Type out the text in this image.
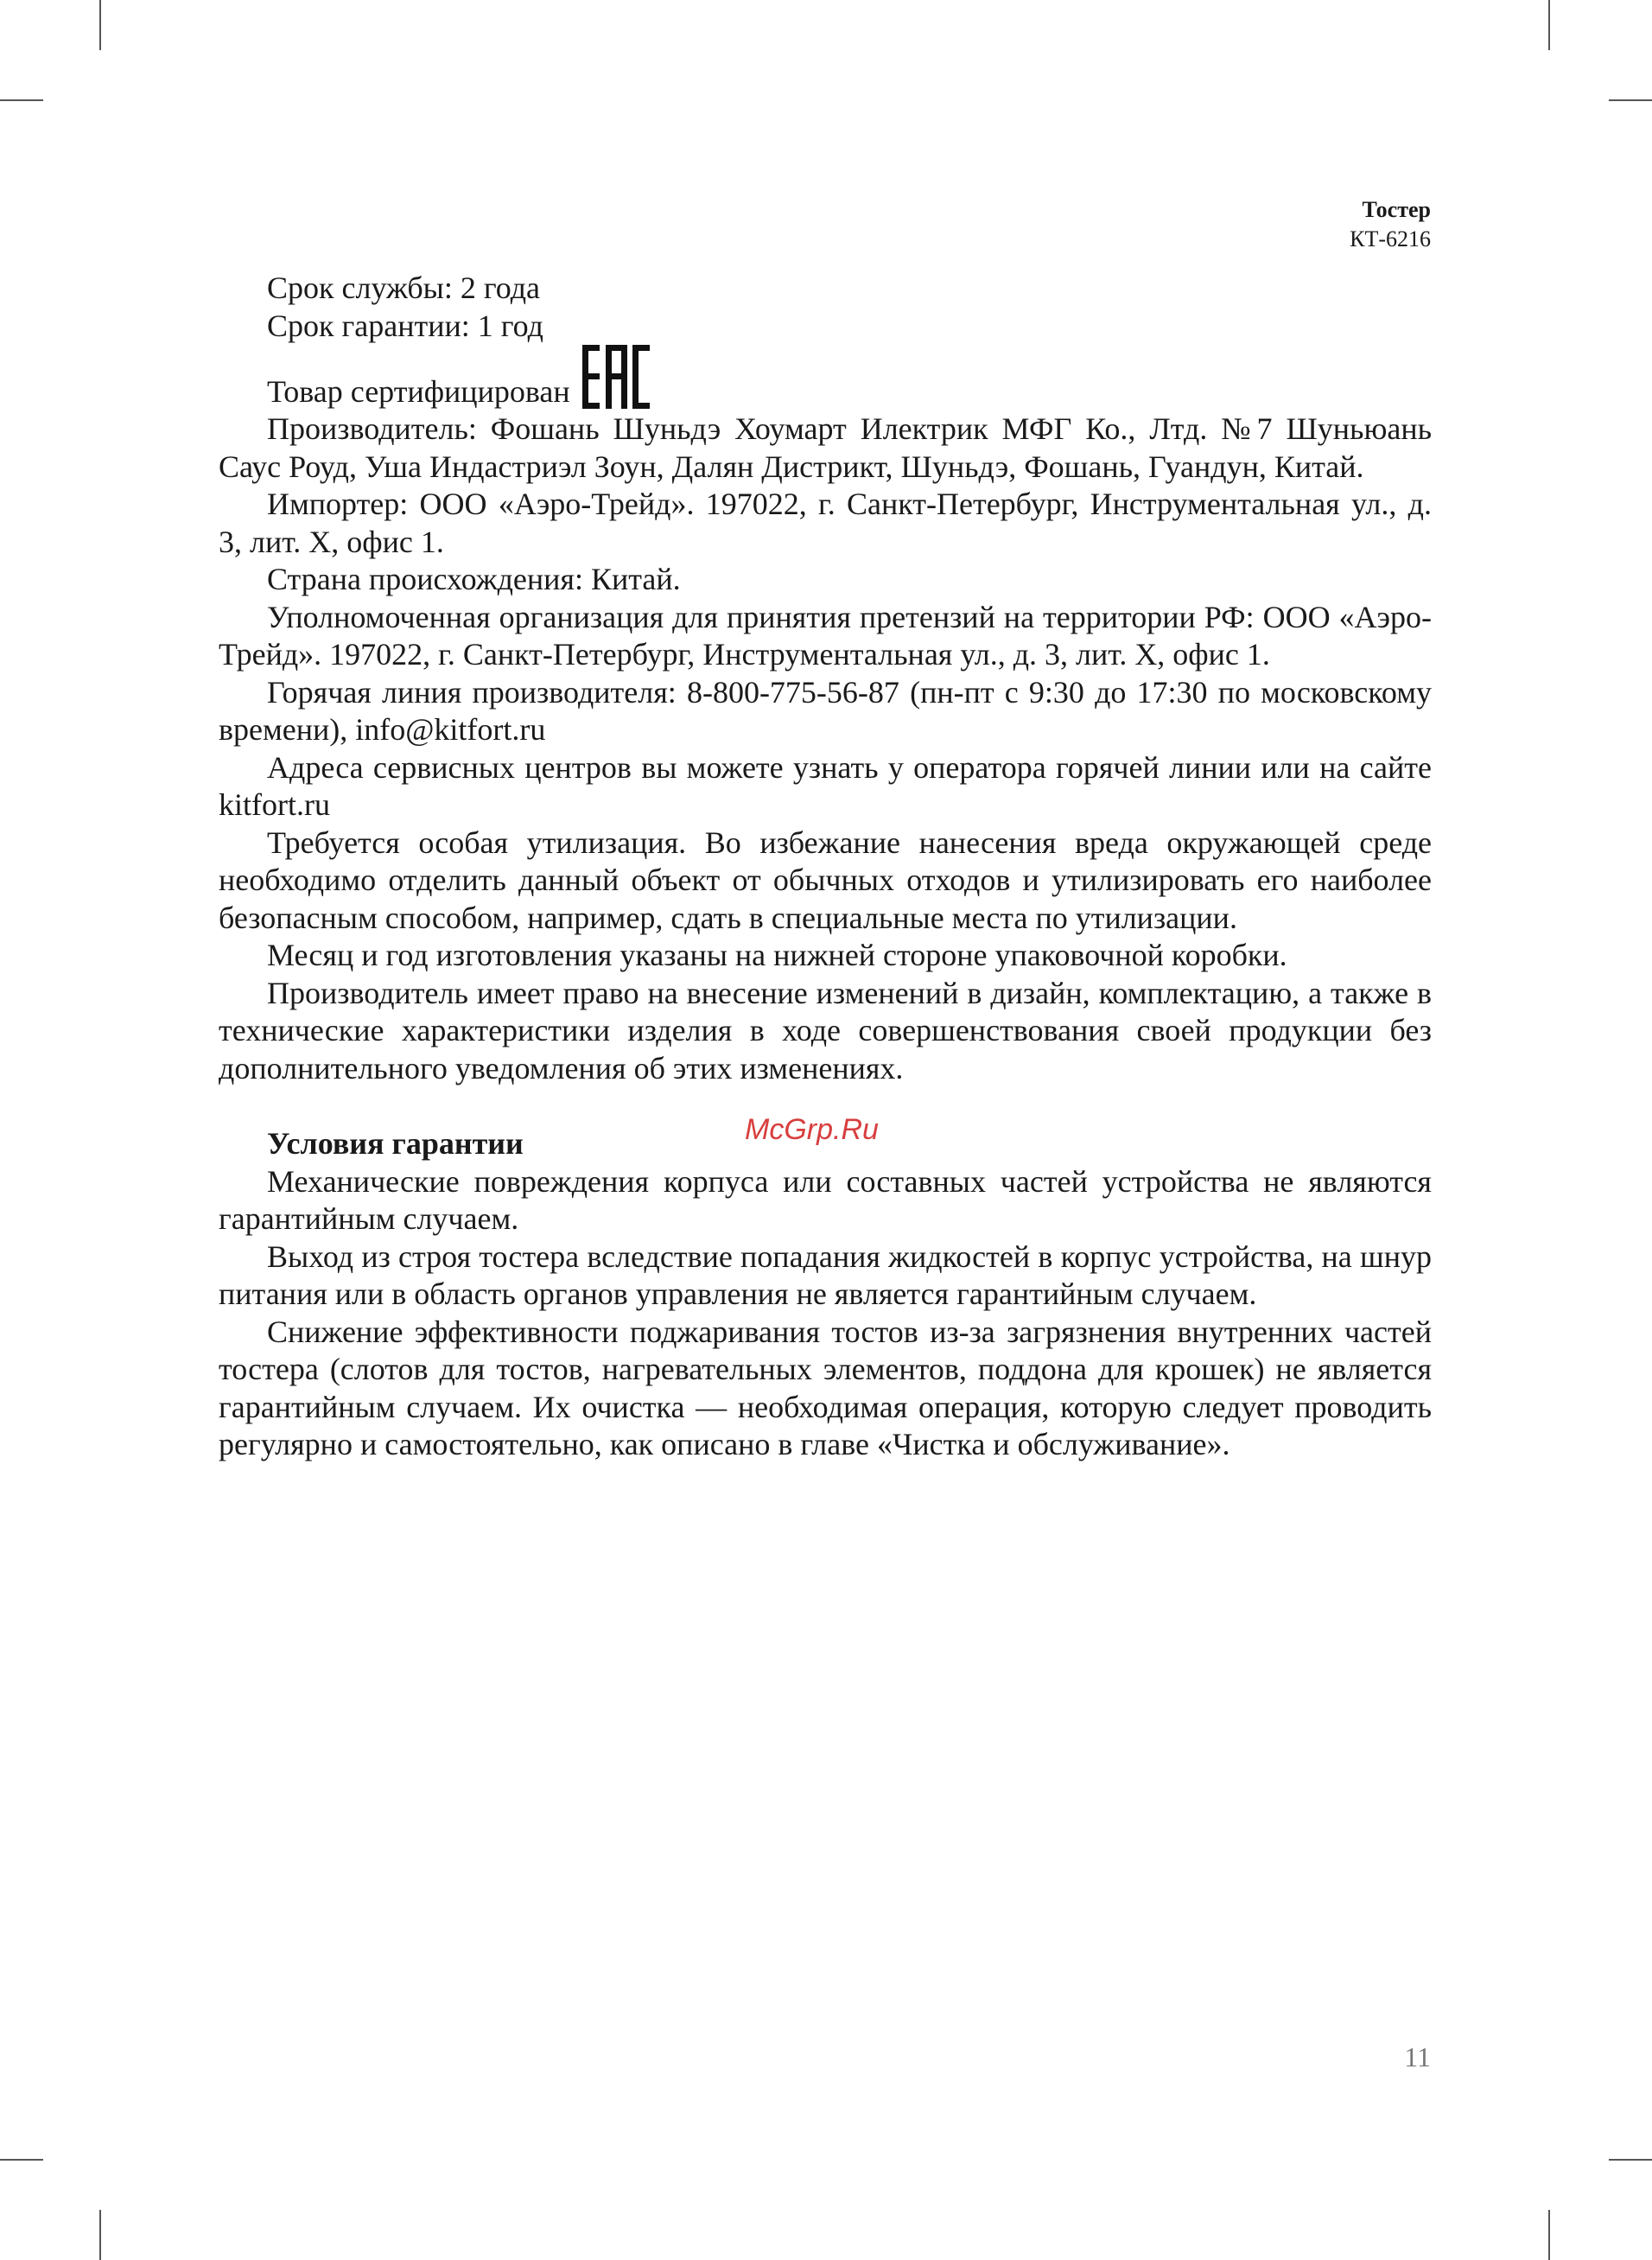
Тостер
КТ-6216

Срок службы: 2 года

Срок гарантии: 1 год

Товар сертифицирован

Производитель: Фошань Шуньдэ Хоумарт Илектрик МФГ Ко., Лтд. №7 Шуньюань Саус Роуд, Уша Индастриэл Зоун, Далян Дистрикт, Шуньдэ, Фошань, Гуандун, Китай.

Импортер: ООО «Аэро-Трейд». 197022, г. Санкт-Петербург, Инструментальная ул., д. 3, лит. Х, офис 1.

Страна происхождения: Китай.

Уполномоченная организация для принятия претензий на территории РФ: ООО «Аэро-Трейд». 197022, г. Санкт-Петербург, Инструментальная ул., д. 3, лит. Х, офис 1.

Горячая линия производителя: 8-800-775-56-87 (пн-пт с 9:30 до 17:30 по московскому времени), info@kitfort.ru

Адреса сервисных центров вы можете узнать у оператора горячей линии или на сайте kitfort.ru

Требуется особая утилизация. Во избежание нанесения вреда окружающей среде необходимо отделить данный объект от обычных отходов и утилизировать его наиболее безопасным способом, например, сдать в специальные места по утилизации.

Месяц и год изготовления указаны на нижней стороне упаковочной коробки.

Производитель имеет право на внесение изменений в дизайн, комплектацию, а также в технические характеристики изделия в ходе совершенствования своей продукции без дополнительного уведомления об этих изменениях.

Условия гарантии

Механические повреждения корпуса или составных частей устройства не являются гарантийным случаем.

Выход из строя тостера вследствие попадания жидкостей в корпус устройства, на шнур питания или в область органов управления не является гарантийным случаем.

Снижение эффективности поджаривания тостов из-за загрязнения внутренних частей тостера (слотов для тостов, нагревательных элементов, поддона для крошек) не является гарантийным случаем. Их очистка — необходимая операция, которую следует проводить регулярно и самостоятельно, как описано в главе «Чистка и обслуживание».

McGrp.Ru
11
